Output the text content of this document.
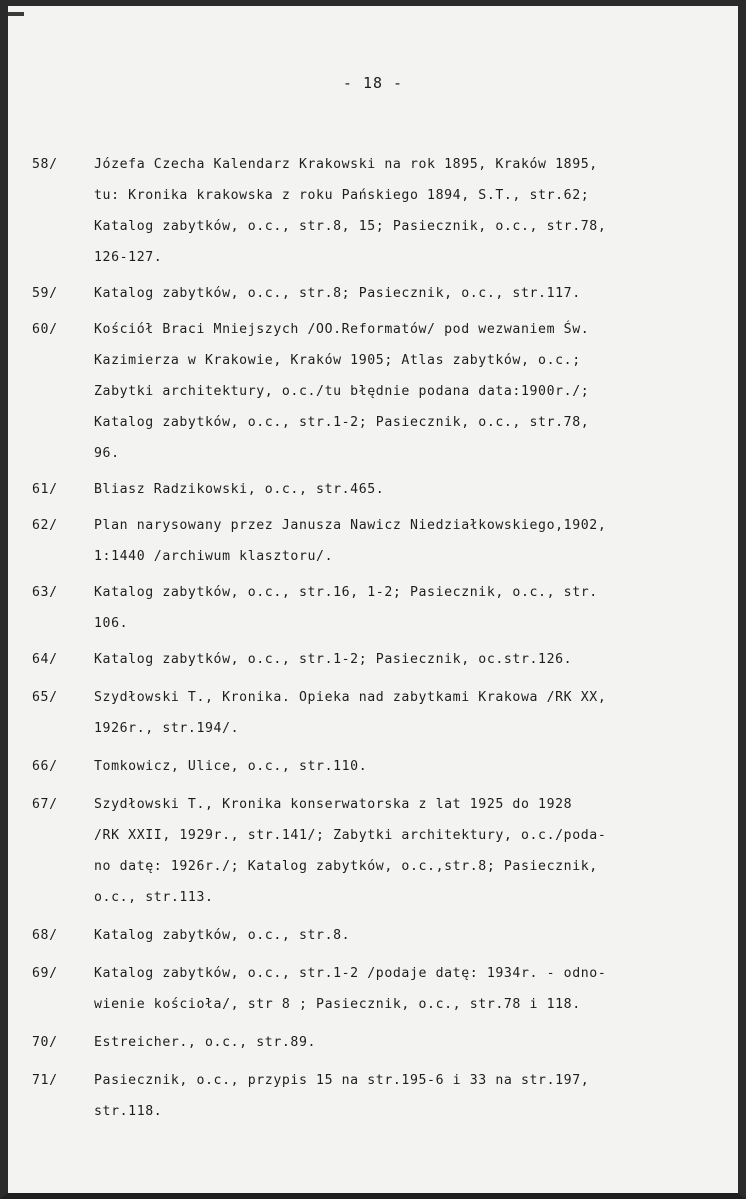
- 18 -
58/	Józefa Czecha Kalendarz Krakowski na rok 1895, Kraków 1895,
tu: Kronika krakowska z roku Pańskiego 1894, S.T., str.62;
Katalog zabytków, o.c., str.8, 15; Pasiecznik, o.c., str.78,
126-127.
59/	Katalog zabytków, o.c., str.8; Pasiecznik, o.c., str.117.
60/	Kościół Braci Mniejszych /OO.Reformatów/ pod wezwaniem Św.
Kazimierza w Krakowie, Kraków 1905; Atlas zabytków, o.c.;
Zabytki architektury, o.c./tu błędnie podana data:1900r./;
Katalog zabytków, o.c., str.1-2; Pasiecznik, o.c., str.78,
96.
61/	Bliasz Radzikowski, o.c., str.465.
62/	Plan narysowany przez Janusza Nawicz Niedziałkowskiego,1902,
1:1440 /archiwum klasztoru/.
63/	Katalog zabytków, o.c., str.16, 1-2; Pasiecznik, o.c., str.
106.
64/	Katalog zabytków, o.c., str.1-2; Pasiecznik, oc.str.126.
65/	Szydłowski T., Kronika. Opieka nad zabytkami Krakowa /RK XX,
1926r., str.194/.
66/	Tomkowicz, Ulice, o.c., str.110.
67/	Szydłowski T., Kronika konserwatorska z lat 1925 do 1928
/RK XXII, 1929r., str.141/; Zabytki architektury, o.c./poda-
no datę: 1926r./; Katalog zabytków, o.c.,str.8; Pasiecznik,
o.c., str.113.
68/	Katalog zabytków, o.c., str.8.
69/	Katalog zabytków, o.c., str.1-2 /podaje datę: 1934r. - odno-
wienie kościoła/, str 8 ; Pasiecznik, o.c., str.78 i 118.
70/	Estreicher., o.c., str.89.
71/	Pasiecznik, o.c., przypis 15 na str.195-6 i 33 na str.197,
str.118.
